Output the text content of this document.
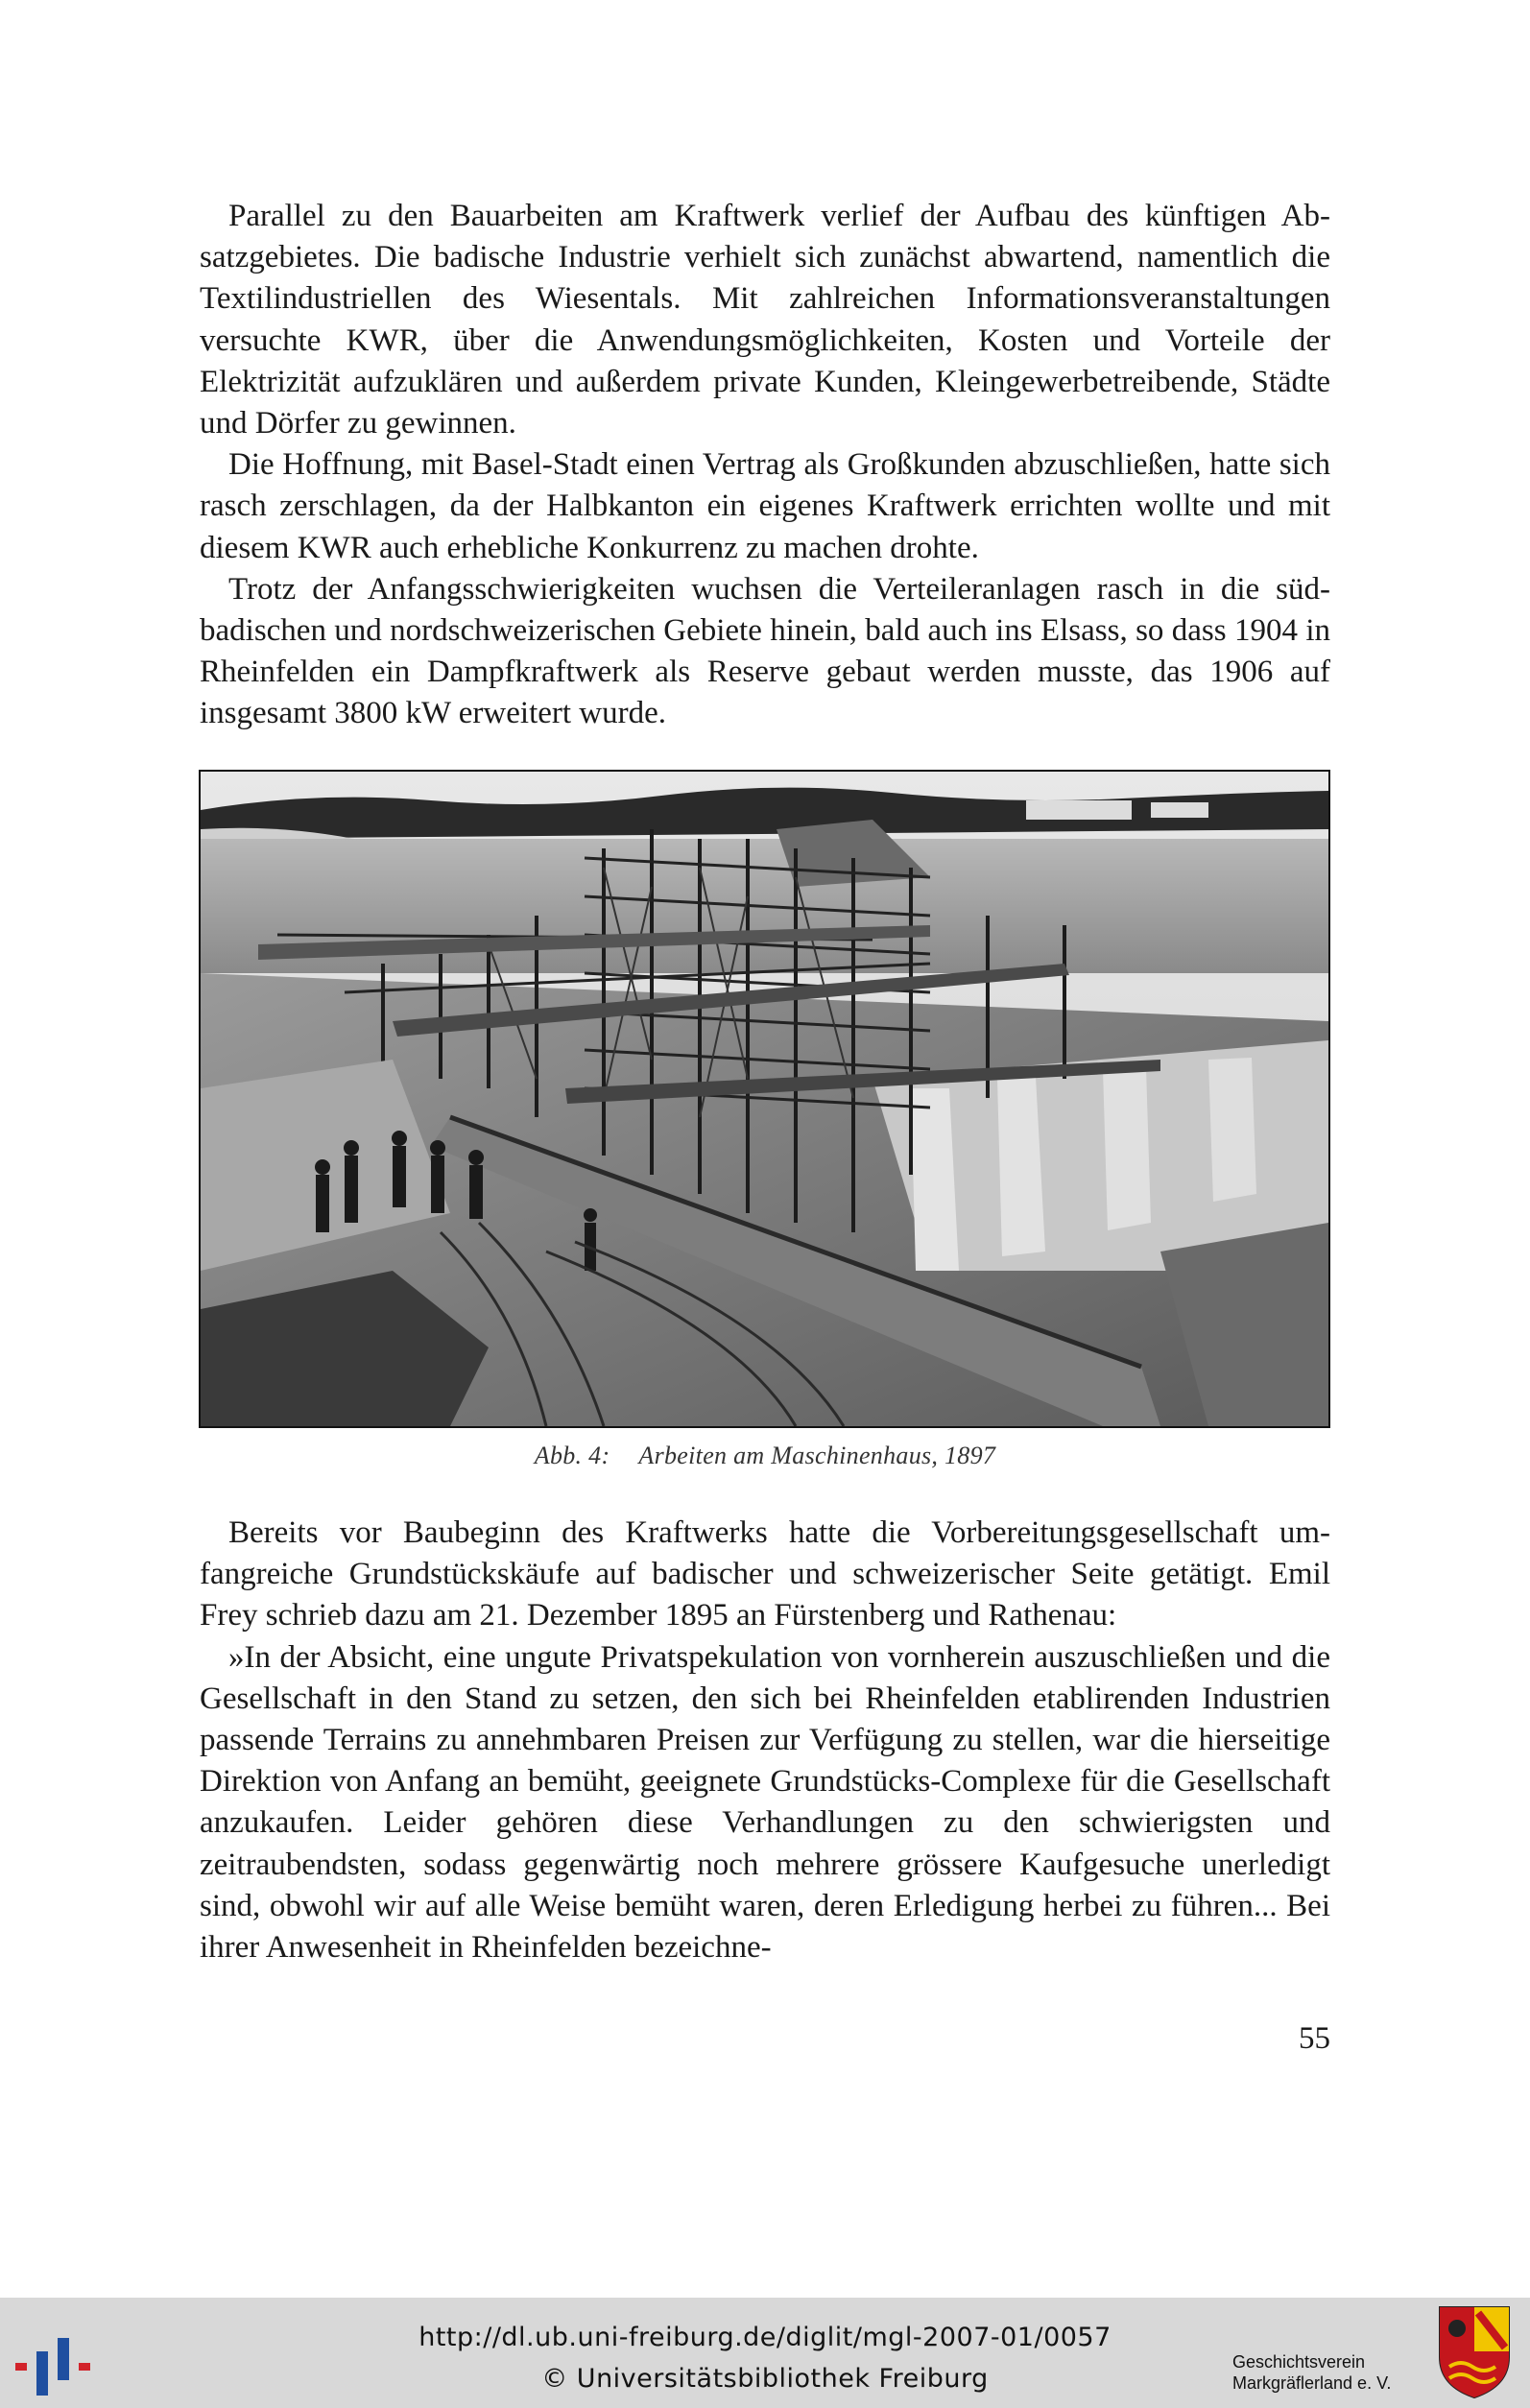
Parallel zu den Bauarbeiten am Kraftwerk verlief der Aufbau des künftigen Absatzgebietes. Die badische Industrie verhielt sich zunächst abwartend, namentlich die Textilindustriellen des Wiesentals. Mit zahlreichen Informationsveranstaltungen versuchte KWR, über die Anwendungsmöglichkeiten, Kosten und Vorteile der Elektrizität aufzuklären und außerdem private Kunden, Kleingewerbetreibende, Städte und Dörfer zu gewinnen.

Die Hoffnung, mit Basel-Stadt einen Vertrag als Großkunden abzuschließen, hatte sich rasch zerschlagen, da der Halbkanton ein eigenes Kraftwerk errichten wollte und mit diesem KWR auch erhebliche Konkurrenz zu machen drohte.

Trotz der Anfangsschwierigkeiten wuchsen die Verteileranlagen rasch in die südbadischen und nordschweizerischen Gebiete hinein, bald auch ins Elsass, so dass 1904 in Rheinfelden ein Dampfkraftwerk als Reserve gebaut werden musste, das 1906 auf insgesamt 3800 kW erweitert wurde.

Abb. 4: Arbeiten am Maschinenhaus, 1897

Bereits vor Baubeginn des Kraftwerks hatte die Vorbereitungsgesellschaft umfangreiche Grundstückskäufe auf badischer und schweizerischer Seite getätigt. Emil Frey schrieb dazu am 21. Dezember 1895 an Fürstenberg und Rathenau:

»In der Absicht, eine ungute Privatspekulation von vornherein auszuschließen und die Gesellschaft in den Stand zu setzen, den sich bei Rheinfelden etablirenden Industrien passende Terrains zu annehmbaren Preisen zur Verfügung zu stellen, war die hierseitige Direktion von Anfang an bemüht, geeignete Grundstücks-Complexe für die Gesellschaft anzukaufen. Leider gehören diese Verhandlungen zu den schwierigsten und zeitraubendsten, sodass gegenwärtig noch mehrere grössere Kaufgesuche unerledigt sind, obwohl wir auf alle Weise bemüht waren, deren Erledigung herbei zu führen... Bei ihrer Anwesenheit in Rheinfelden bezeichne-

55
http://dl.ub.uni-freiburg.de/diglit/mgl-2007-01/0057
© Universitätsbibliothek Freiburg
Geschichtsverein
Markgräflerland e. V.
